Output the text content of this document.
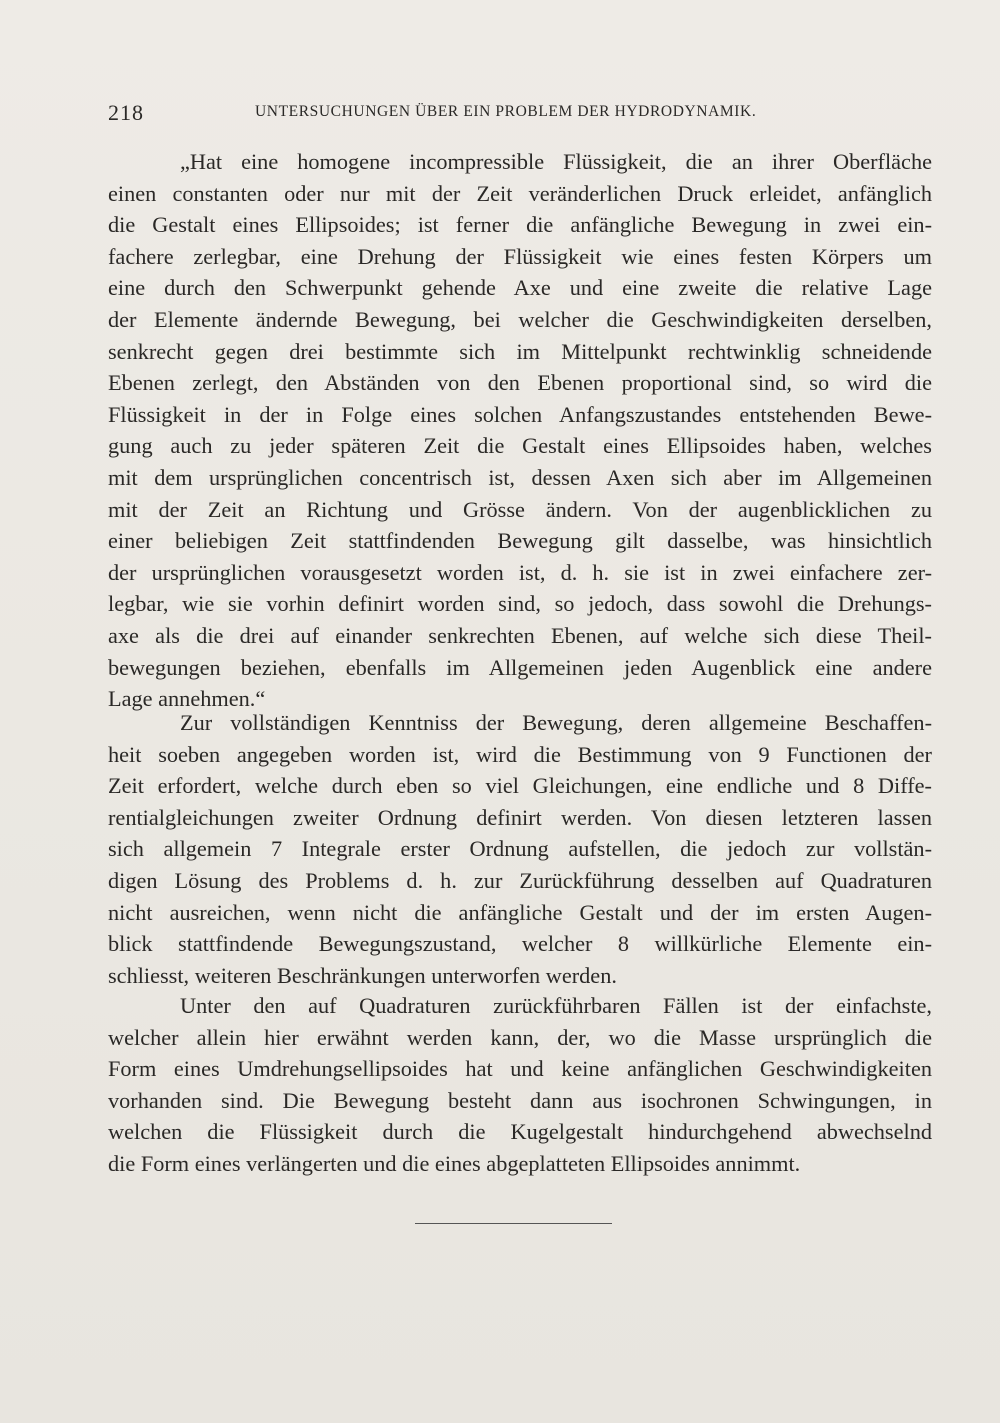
218	UNTERSUCHUNGEN ÜBER EIN PROBLEM DER HYDRODYNAMIK.
„Hat eine homogene incompressible Flüssigkeit, die an ihrer Oberfläche
einen constanten oder nur mit der Zeit veränderlichen Druck erleidet, anfänglich
die Gestalt eines Ellipsoides; ist ferner die anfängliche Bewegung in zwei ein-
fachere zerlegbar, eine Drehung der Flüssigkeit wie eines festen Körpers um
eine durch den Schwerpunkt gehende Axe und eine zweite die relative Lage
der Elemente ändernde Bewegung, bei welcher die Geschwindigkeiten derselben,
senkrecht gegen drei bestimmte sich im Mittelpunkt rechtwinklig schneidende
Ebenen zerlegt, den Abständen von den Ebenen proportional sind, so wird die
Flüssigkeit in der in Folge eines solchen Anfangszustandes entstehenden Bewe-
gung auch zu jeder späteren Zeit die Gestalt eines Ellipsoides haben, welches
mit dem ursprünglichen concentrisch ist, dessen Axen sich aber im Allgemeinen
mit der Zeit an Richtung und Grösse ändern. Von der augenblicklichen zu
einer beliebigen Zeit stattfindenden Bewegung gilt dasselbe, was hinsichtlich
der ursprünglichen vorausgesetzt worden ist, d. h. sie ist in zwei einfachere zer-
legbar, wie sie vorhin definirt worden sind, so jedoch, dass sowohl die Drehungs-
axe als die drei auf einander senkrechten Ebenen, auf welche sich diese Theil-
bewegungen beziehen, ebenfalls im Allgemeinen jeden Augenblick eine andere
Lage annehmen.“
Zur vollständigen Kenntniss der Bewegung, deren allgemeine Beschaffen-
heit soeben angegeben worden ist, wird die Bestimmung von 9 Functionen der
Zeit erfordert, welche durch eben so viel Gleichungen, eine endliche und 8 Diffe-
rentialgleichungen zweiter Ordnung definirt werden. Von diesen letzteren lassen
sich allgemein 7 Integrale erster Ordnung aufstellen, die jedoch zur vollstän-
digen Lösung des Problems d. h. zur Zurückführung desselben auf Quadraturen
nicht ausreichen, wenn nicht die anfängliche Gestalt und der im ersten Augen-
blick stattfindende Bewegungszustand, welcher 8 willkürliche Elemente ein-
schliesst, weiteren Beschränkungen unterworfen werden.
Unter den auf Quadraturen zurückführbaren Fällen ist der einfachste,
welcher allein hier erwähnt werden kann, der, wo die Masse ursprünglich die
Form eines Umdrehungsellipsoides hat und keine anfänglichen Geschwindigkeiten
vorhanden sind. Die Bewegung besteht dann aus isochronen Schwingungen, in
welchen die Flüssigkeit durch die Kugelgestalt hindurchgehend abwechselnd
die Form eines verlängerten und die eines abgeplatteten Ellipsoides annimmt.
